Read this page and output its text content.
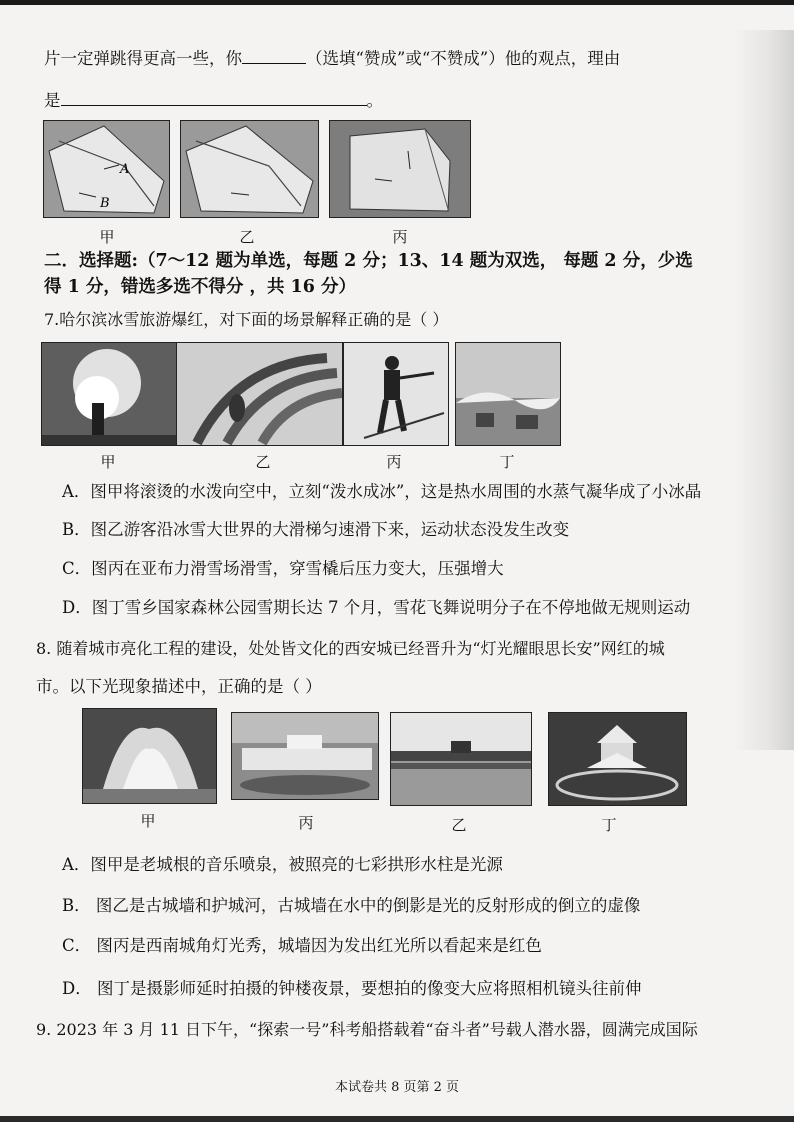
片一定弹跳得更高一些，你	（选填“赞成”或“不赞成”）他的观点，理由
是	。
A
B
甲	乙	丙
二．选择题:（7～12 题为单选，每题 2 分；13、14 题为双选， 每题 2 分，少选
得 1 分，错选多选不得分 ，共 16 分）
7.哈尔滨冰雪旅游爆红，对下面的场景解释正确的是（ ）
甲	乙	丙	丁
A．图甲将滚烫的水泼向空中，立刻“泼水成冰”，这是热水周围的水蒸气凝华成了小冰晶
B．图乙游客沿冰雪大世界的大滑梯匀速滑下来，运动状态没发生改变
C．图丙在亚布力滑雪场滑雪，穿雪橇后压力变大，压强增大
D．图丁雪乡国家森林公园雪期长达 7 个月，雪花飞舞说明分子在不停地做无规则运动
8. 随着城市亮化工程的建设，处处皆文化的西安城已经晋升为“灯光耀眼思长安”网红的城
市。以下光现象描述中，正确的是（ ）
甲	丙	乙	丁
A．图甲是老城根的音乐喷泉，被照亮的七彩拱形水柱是光源
B． 图乙是古城墙和护城河，古城墙在水中的倒影是光的反射形成的倒立的虚像
C． 图丙是西南城角灯光秀，城墙因为发出红光所以看起来是红色
D． 图丁是摄影师延时拍摄的钟楼夜景，要想拍的像变大应将照相机镜头往前伸
9. 2023 年 3 月 11 日下午，“探索一号”科考船搭载着“奋斗者”号载人潜水器，圆满完成国际
本试卷共 8 页第 2 页
